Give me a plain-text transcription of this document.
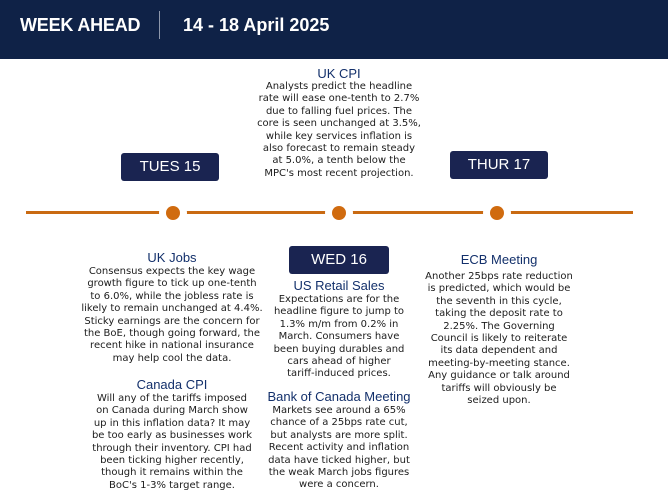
WEEK AHEAD 14 - 18 April 2025
TUES 15
WED 16
THUR 17
UK CPI
Analysts predict the headline
rate will ease one-tenth to 2.7%
due to falling fuel prices. The
core is seen unchanged at 3.5%,
while key services inflation is
also forecast to remain steady
at 5.0%, a tenth below the
MPC's most recent projection.
UK Jobs
Consensus expects the key wage
growth figure to tick up one-tenth
to 6.0%, while the jobless rate is
likely to remain unchanged at 4.4%.
Sticky earnings are the concern for
the BoE, though going forward, the
recent hike in national insurance
may help cool the data.
Canada CPI
Will any of the tariffs imposed
on Canada during March show
up in this inflation data? It may
be too early as businesses work
through their inventory. CPI had
been ticking higher recently,
though it remains within the
BoC's 1-3% target range.
US Retail Sales
Expectations are for the
headline figure to jump to
1.3% m/m from 0.2% in
March. Consumers have
been buying durables and
cars ahead of higher
tariff-induced prices.
Bank of Canada Meeting
Markets see around a 65%
chance of a 25bps rate cut,
but analysts are more split.
Recent activity and inflation
data have ticked higher, but
the weak March jobs figures
were a concern.
ECB Meeting
Another 25bps rate reduction
is predicted, which would be
the seventh in this cycle,
taking the deposit rate to
2.25%. The Governing
Council is likely to reiterate
its data dependent and
meeting-by-meeting stance.
Any guidance or talk around
tariffs will obviously be
seized upon.
